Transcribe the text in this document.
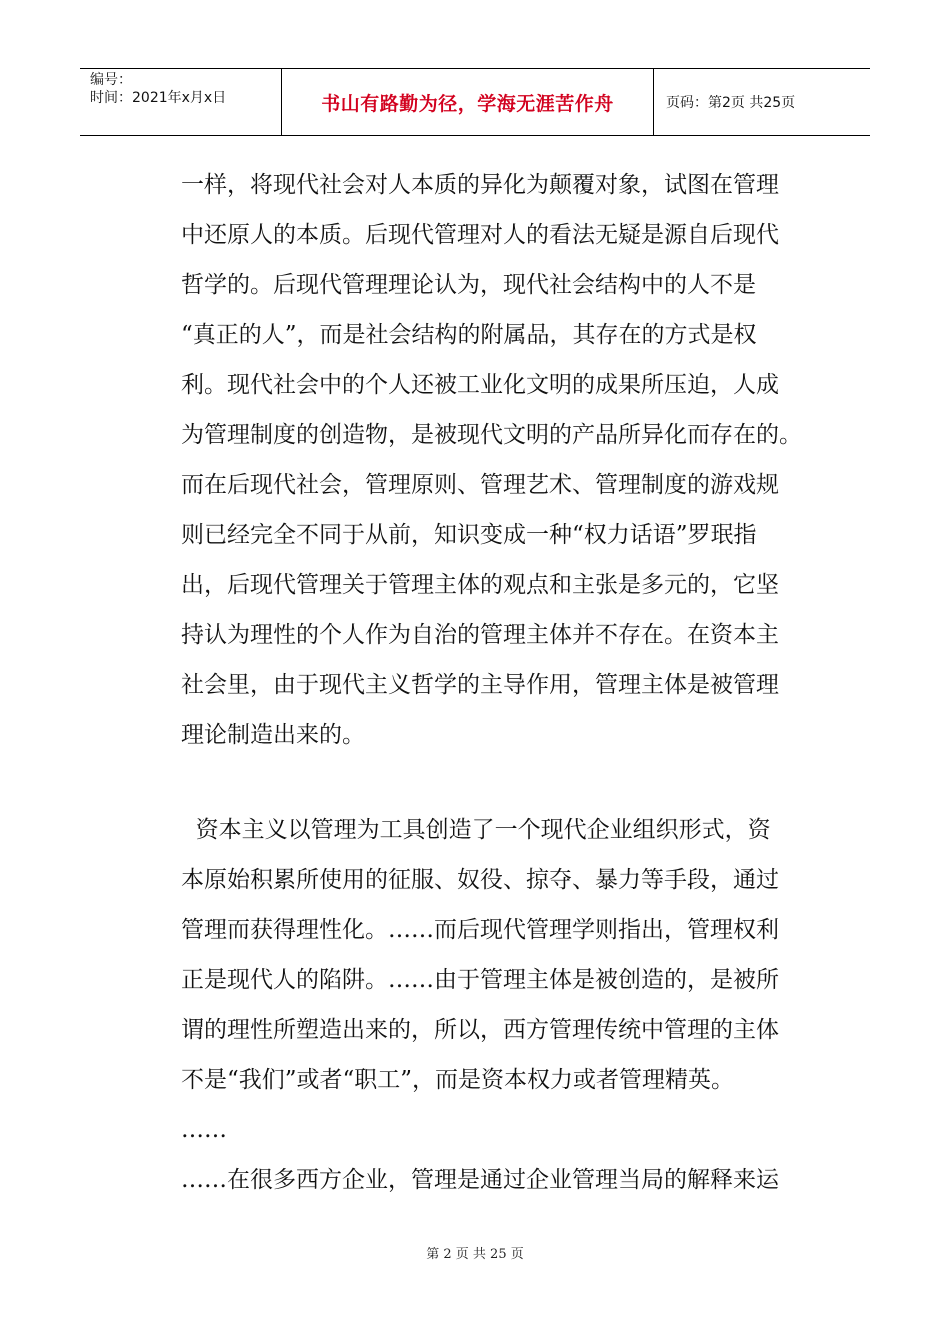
编号：
时间：2021年x月x日	书山有路勤为径，学海无涯苦作舟	页码：第2页 共25页

一样，将现代社会对人本质的异化为颠覆对象，试图在管理

中还原人的本质。后现代管理对人的看法无疑是源自后现代

哲学的。后现代管理理论认为，现代社会结构中的人不是

“真正的人”，而是社会结构的附属品，其存在的方式是权

利。现代社会中的个人还被工业化文明的成果所压迫，人成

为管理制度的创造物，是被现代文明的产品所异化而存在的。

而在后现代社会，管理原则、管理艺术、管理制度的游戏规

则已经完全不同于从前，知识变成一种“权力话语”罗珉指

出，后现代管理关于管理主体的观点和主张是多元的，它坚

持认为理性的个人作为自治的管理主体并不存在。在资本主

社会里，由于现代主义哲学的主导作用，管理主体是被管理

理论制造出来的。

资本主义以管理为工具创造了一个现代企业组织形式，资

本原始积累所使用的征服、奴役、掠夺、暴力等手段，通过

管理而获得理性化。……而后现代管理学则指出，管理权利

正是现代人的陷阱。……由于管理主体是被创造的，是被所

谓的理性所塑造出来的，所以，西方管理传统中管理的主体

不是“我们”或者“职工”，而是资本权力或者管理精英。

……

……在很多西方企业，管理是通过企业管理当局的解释来运

第 2 页 共 25 页
